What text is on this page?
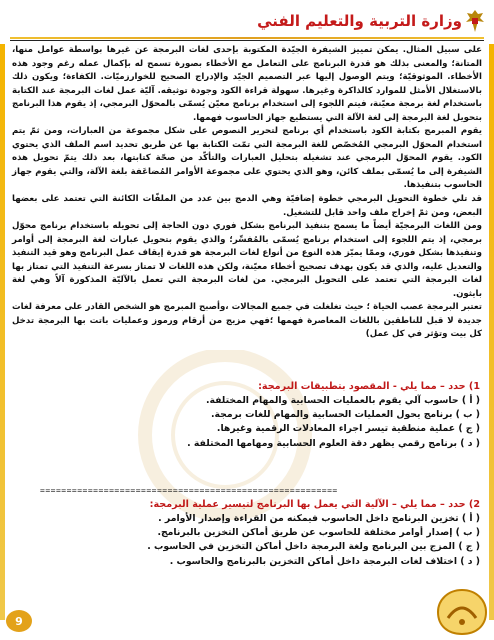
وزارة التربية والتعليم الفني

على سبيل المثال. يمكن تمييز الشيفرة الجيّدة المكتوبة بإحدى لغات البرمجة عن غيرها بواسطة عوامل منها، المتانة؛ والمعنى بذلك هو قدرة البرنامج على التعامل مع الأخطاء بصورة تسمح له بإكمال عمله رغم وجود هذه الأخطاء. الموثوقيّة؛ ويتم الوصول إليها عبر التصميم الجيّد والإدراج الصحيح للخوارزميّات. الكفاءة؛ ويكون ذلك بالاستغلال الأمثل للموارد كالذاكرة وغيرها. سهولة قراءة الكود وجودة توثيقه. آليّة عمل لغات البرمجة عند الكتابة باستخدام لغة برمجة معيّنة، فيتم اللجوء إلى استخدام برنامج معيّن يُسمّى بالمحوّل البرمجي، إذ يقوم هذا البرنامج بتحويل لغة البرمجة إلى لغة الآلة التي يستطيع جهاز الحاسوب فهمها.

يقوم المبرمج بكتابة الكود باستخدام أي برنامج لتحرير النصوص على شكل مجموعة من العبارات، ومن ثمّ يتم استخدام المحوّل البرمجي المُخصّص للغة البرمجة التي تمّت الكتابة بها عن طريق تحديد اسم الملف الذي يحتوي الكود. يقوم المحوّل البرمجي عند تشغيله بتحليل العبارات والتأكّد من صحّة كتابتها، بعد ذلك يتمّ تحويل هذه الشيفرة إلى ما يُسمّى بملف كائن، وهو الذي يحتوي على مجموعة الأوامر المُضاعَفة بلغة الآلة، والتي يقوم جهاز الحاسوب بتنفيذها.

قد تلي خطوة التحويل البرمجي خطوة إضافيّة وهي الدمج بين عدد من الملفّات الكائنة التي تعتمد على بعضها البعض، ومن ثمّ إخراج ملف واحد قابل للتشغيل.

ومن اللغات البرمجيّة أيضاً ما يسمح بتنفيذ البرنامج بشكل فوري دون الحاجة إلى تحويله باستخدام برنامج محوّل برمجي، إذ يتم اللجوء إلى استخدام برنامج يُسمّى بالمُفسِّر؛ والذي يقوم بتحويل عبارات لغة البرمجة إلى أوامر وتنفيذها بشكل فوري، وممّا يميّز هذه النوع من أنواع لغات البرمجة هو قدرة إيقاف عمل البرنامج وهو قيد التنفيذ والتعديل عليه، والذي قد يكون بهدف تصحيح أخطاء معيّنة، ولكن هذه اللغات لا تمتاز بسرعة التنفيذ التي تمتاز بها لغات البرمجة التي تعتمد على التحويل البرمجي. من لغات البرمجة التي تعمل بالآليّة المذكورة آلاً وهي لغة بايثون.

تعتبر البرمجة عصب الحياة ؛ حيث تغلغلت في جميع المجالات ،وأصبح المبرمج هو الشخص القادر على معرفة لغات جديدة لا قبل للناطقين باللغات المعاصرة فهمها ؛فهي مزيج من أرقام ورموز وعمليات باتت بها البرمجة تدخل كل بيت وتؤثر في كل عمل)

1) حدد – مما يلي - المقصود بتطبيقات البرمجة:

( أ ) حاسوب آلي يقوم بالعمليات الحسابية والمهام المختلفة.
( ب ) برنامج يحول العمليات الحسابية والمهام للغات برمجة.
( ج ) عملية منطقية تيسر اجراء المعادلات الرقمية وغيرها.
( د ) برنامج رقمي يظهر دقة العلوم الحسابية ومهامها المختلفة .
========================================================

2) حدد – مما يلي – الآلية التي يعمل بها البرنامج لتيسير عملية البرمجة:

( أ ) تخزين البرنامج داخل الحاسوب فيمكنه من القراءة وإصدار الأوامر .
( ب ) إصدار أوامر مختلفة للحاسوب عن طريق أماكن التخزين بالبرنامج.
( ج ) المزج بين البرنامج ولغة البرمجة داخل أماكن التخزين في الحاسوب .
( د ) اختلاف لغات البرمجة داخل أماكن التخزين بالبرنامج والحاسوب .
9
